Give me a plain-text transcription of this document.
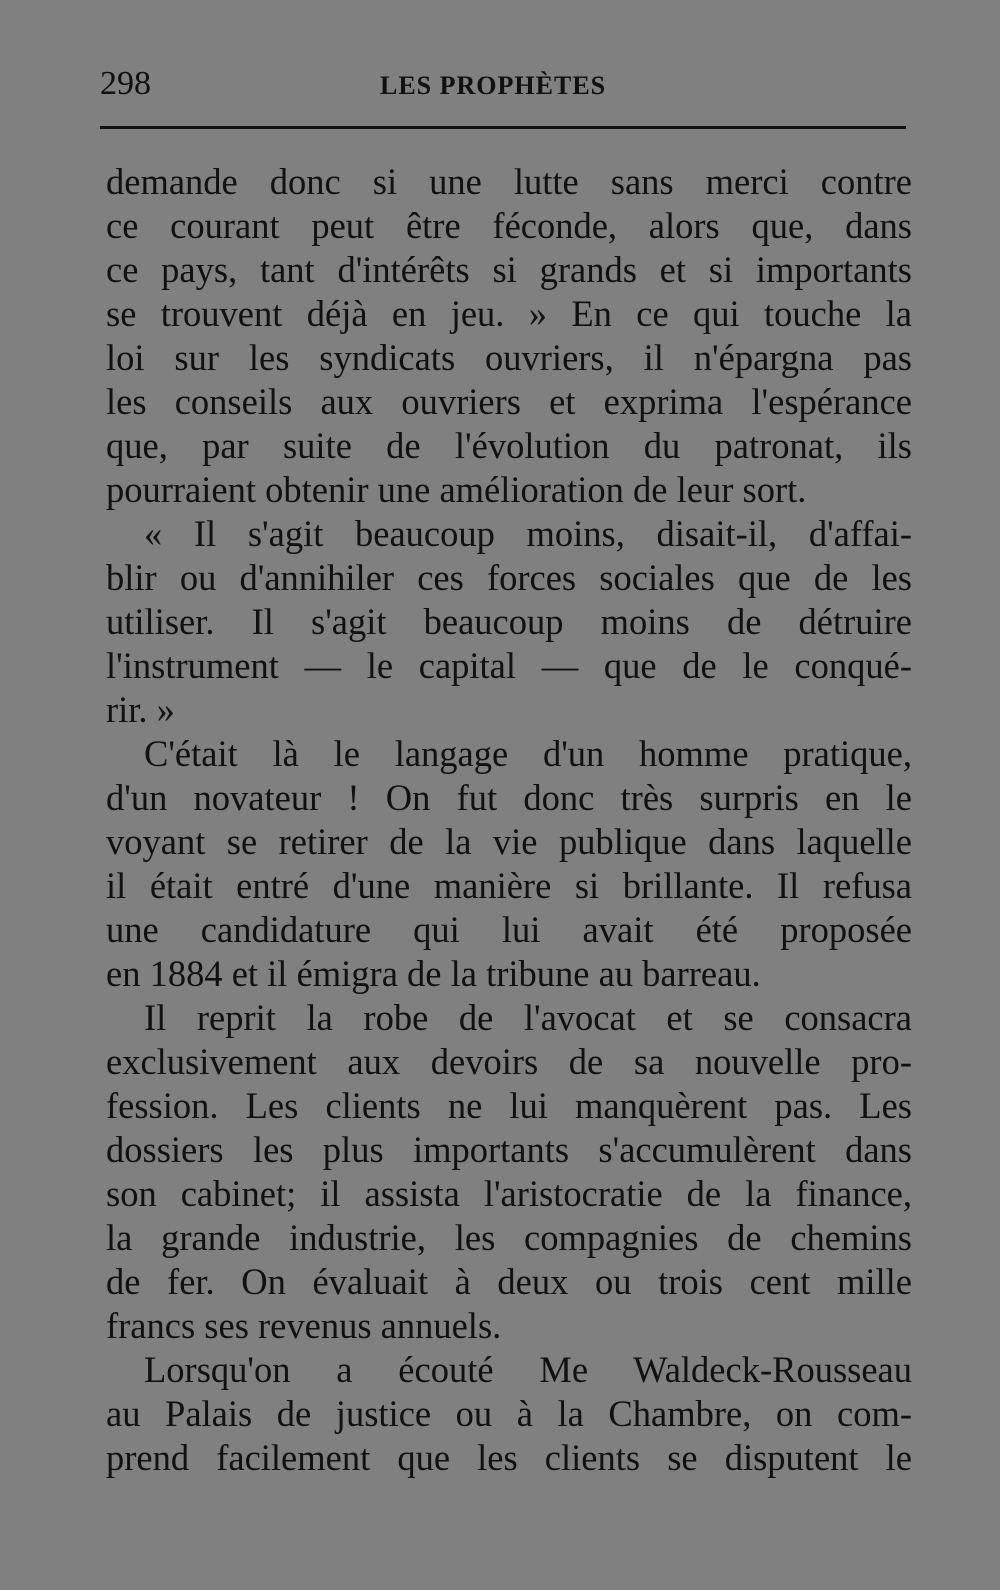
298	LES PROPHÈTES
demande donc si une lutte sans merci contre
ce courant peut être féconde, alors que, dans
ce pays, tant d'intérêts si grands et si importants
se trouvent déjà en jeu. » En ce qui touche la
loi sur les syndicats ouvriers, il n'épargna pas
les conseils aux ouvriers et exprima l'espérance
que, par suite de l'évolution du patronat, ils
pourraient obtenir une amélioration de leur sort.
« Il s'agit beaucoup moins, disait-il, d'affai-
blir ou d'annihiler ces forces sociales que de les
utiliser. Il s'agit beaucoup moins de détruire
l'instrument — le capital — que de le conqué-
rir. »
C'était là le langage d'un homme pratique,
d'un novateur ! On fut donc très surpris en le
voyant se retirer de la vie publique dans laquelle
il était entré d'une manière si brillante. Il refusa
une candidature qui lui avait été proposée
en 1884 et il émigra de la tribune au barreau.
Il reprit la robe de l'avocat et se consacra
exclusivement aux devoirs de sa nouvelle pro-
fession. Les clients ne lui manquèrent pas. Les
dossiers les plus importants s'accumulèrent dans
son cabinet; il assista l'aristocratie de la finance,
la grande industrie, les compagnies de chemins
de fer. On évaluait à deux ou trois cent mille
francs ses revenus annuels.
Lorsqu'on a écouté Me Waldeck-Rousseau
au Palais de justice ou à la Chambre, on com-
prend facilement que les clients se disputent le
